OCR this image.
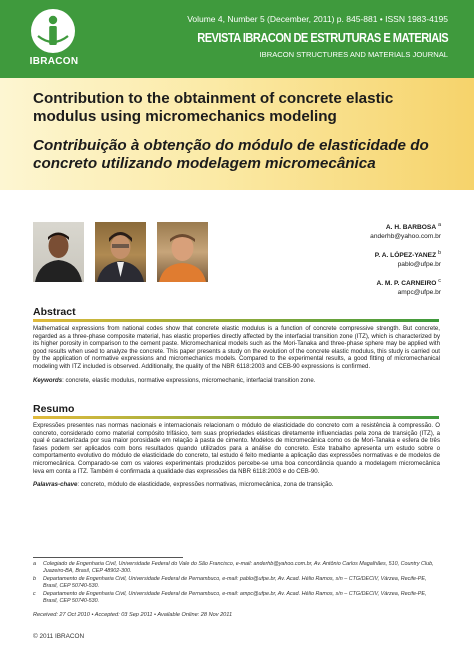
IBRACON
Volume 4, Number 5 (December, 2011) p. 845-881 • ISSN 1983-4195
REVISTA IBRACON DE ESTRUTURAS E MATERIAIS
IBRACON STRUCTURES AND MATERIALS JOURNAL
Contribution to the obtainment of concrete elastic modulus using micromechanics modeling
Contribuição à obtenção do módulo de elasticidade do concreto utilizando modelagem micromecânica
A. H. BARBOSA $^a$
anderhb@yahoo.com.br
P. A. LÓPEZ-YANEZ $^b$
pablo@ufpe.br
A. M. P. CARNEIRO $^c$
ampc@ufpe.br
Abstract
Mathematical expressions from national codes show that concrete elastic modulus is a function of concrete compressive strength. But concrete, regarded as a three-phase composite material, has elastic properties directly affected by the interfacial transition zone (ITZ), which is characterized by its higher porosity in comparison to the cement paste. Micromechanical models such as the Mori-Tanaka and three-phase sphere may be applied with good results when used to analyze the concrete. This paper presents a study on the evolution of the concrete elastic modulus, this study is carried out by the application of normative expressions and micromechanics models. Compared to the experimental results, a good fitting of micromechanical modeling with ITZ included is observed. Additionally, the quality of the NBR 6118:2003 and CEB-90 expressions is confirmed.
Keywords: concrete, elastic modulus, normative expressions, micromechanic, interfacial transition zone.
Resumo
Expressões presentes nas normas nacionais e internacionais relacionam o módulo de elasticidade do concreto com a resistência à compressão. O concreto, considerado como material compósito trifásico, tem suas propriedades elásticas diretamente influenciadas pela zona de transição (ITZ), a qual é caracterizada por sua maior porosidade em relação à pasta de cimento. Modelos de micromecânica como os de Mori-Tanaka e esfera de três fases podem ser aplicados com bons resultados quando utilizados para a análise do concreto. Este trabalho apresenta um estudo sobre o comportamento evolutivo do módulo de elasticidade do concreto, tal estudo é feito mediante a aplicação das expressões normativas e de modelos de micromecânica. Comparado-se com os valores experimentais produzidos percebe-se uma boa concordância quando a modelagem micromecânica leva em conta a ITZ. Também é confirmada a qualidade das expressões da NBR 6118:2003 e do CEB-90.
Palavras-chave: concreto, módulo de elasticidade, expressões normativas, micromecânica, zona de transição.
a	Colegiado de Engenharia Civil, Universidade Federal do Vale do São Francisco, e-mail: anderhb@yahoo.com.br, Av. Antônio Carlos Magalhães, 510, Country Club, Juazeiro-BA, Brasil, CEP 48902-300.
b	Departamento de Engenharia Civil, Universidade Federal de Pernambuco, e-mail: pablo@ufpe.br, Av. Acad. Hélio Ramos, s/n – CTG/DECIV, Várzea, Recife-PE, Brasil, CEP 50740-530.
c	Departamento de Engenharia Civil, Universidade Federal de Pernambuco, e-mail: ampc@ufpe.br, Av. Acad. Hélio Ramos, s/n – CTG/DECIV, Várzea, Recife-PE, Brasil, CEP 50740-530.
Received: 27 Oct 2010 • Accepted: 03 Sep 2011 • Available Online: 28 Nov 2011
© 2011 IBRACON
